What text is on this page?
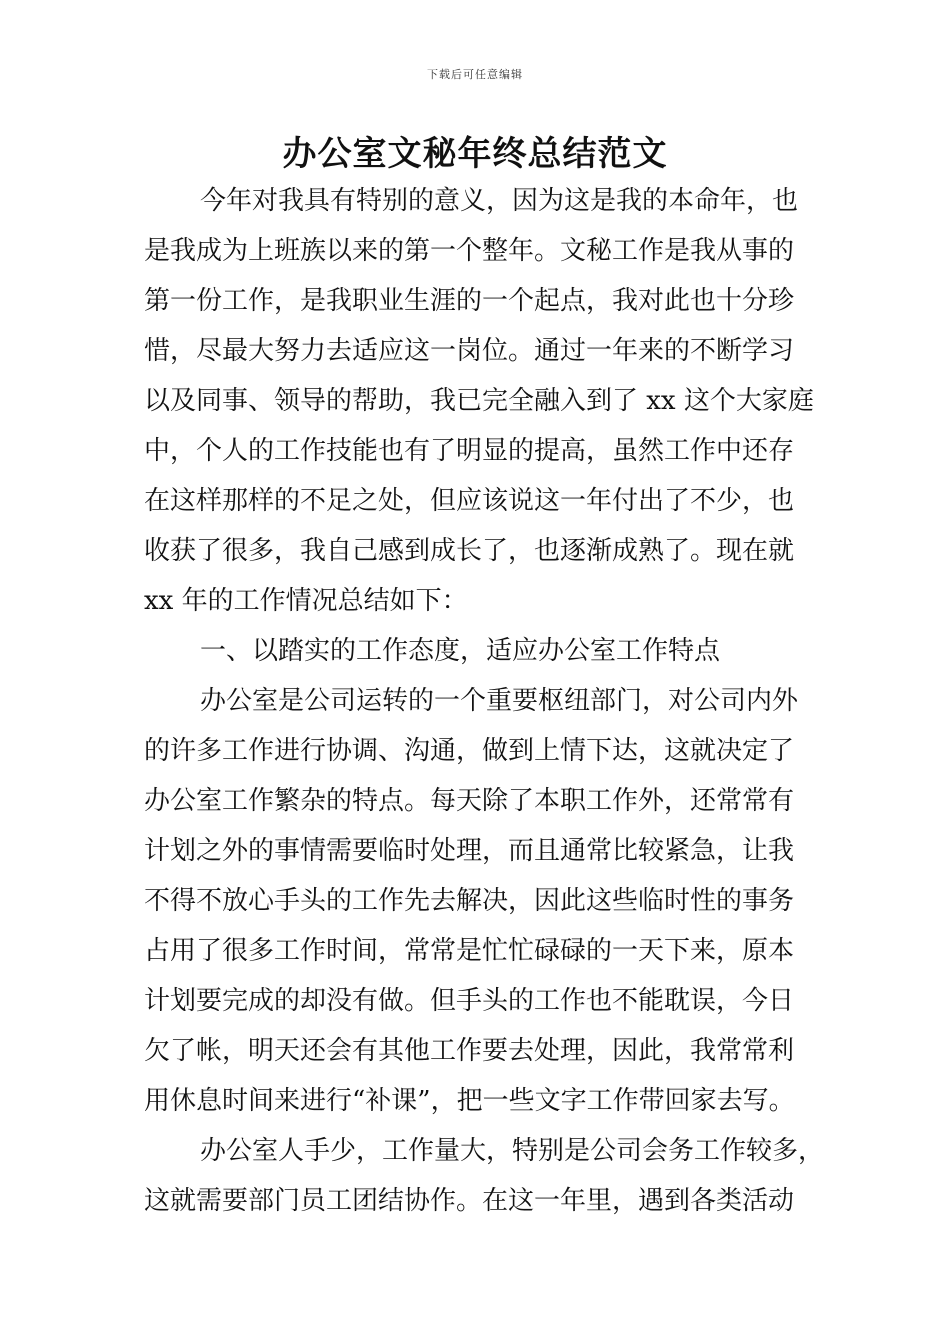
下载后可任意编辑
办公室文秘年终总结范文
今年对我具有特别的意义，因为这是我的本命年，也
是我成为上班族以来的第一个整年。文秘工作是我从事的
第一份工作，是我职业生涯的一个起点，我对此也十分珍
惜，尽最大努力去适应这一岗位。通过一年来的不断学习
以及同事、领导的帮助，我已完全融入到了 xx 这个大家庭
中，个人的工作技能也有了明显的提高，虽然工作中还存
在这样那样的不足之处，但应该说这一年付出了不少，也
收获了很多，我自己感到成长了，也逐渐成熟了。现在就
xx 年的工作情况总结如下：
一、以踏实的工作态度，适应办公室工作特点
办公室是公司运转的一个重要枢纽部门，对公司内外
的许多工作进行协调、沟通，做到上情下达，这就决定了
办公室工作繁杂的特点。每天除了本职工作外，还常常有
计划之外的事情需要临时处理，而且通常比较紧急，让我
不得不放心手头的工作先去解决，因此这些临时性的事务
占用了很多工作时间，常常是忙忙碌碌的一天下来，原本
计划要完成的却没有做。但手头的工作也不能耽误，今日
欠了帐，明天还会有其他工作要去处理，因此，我常常利
用休息时间来进行“补课”，把一些文字工作带回家去写。
办公室人手少，工作量大，特别是公司会务工作较多，
这就需要部门员工团结协作。在这一年里，遇到各类活动
